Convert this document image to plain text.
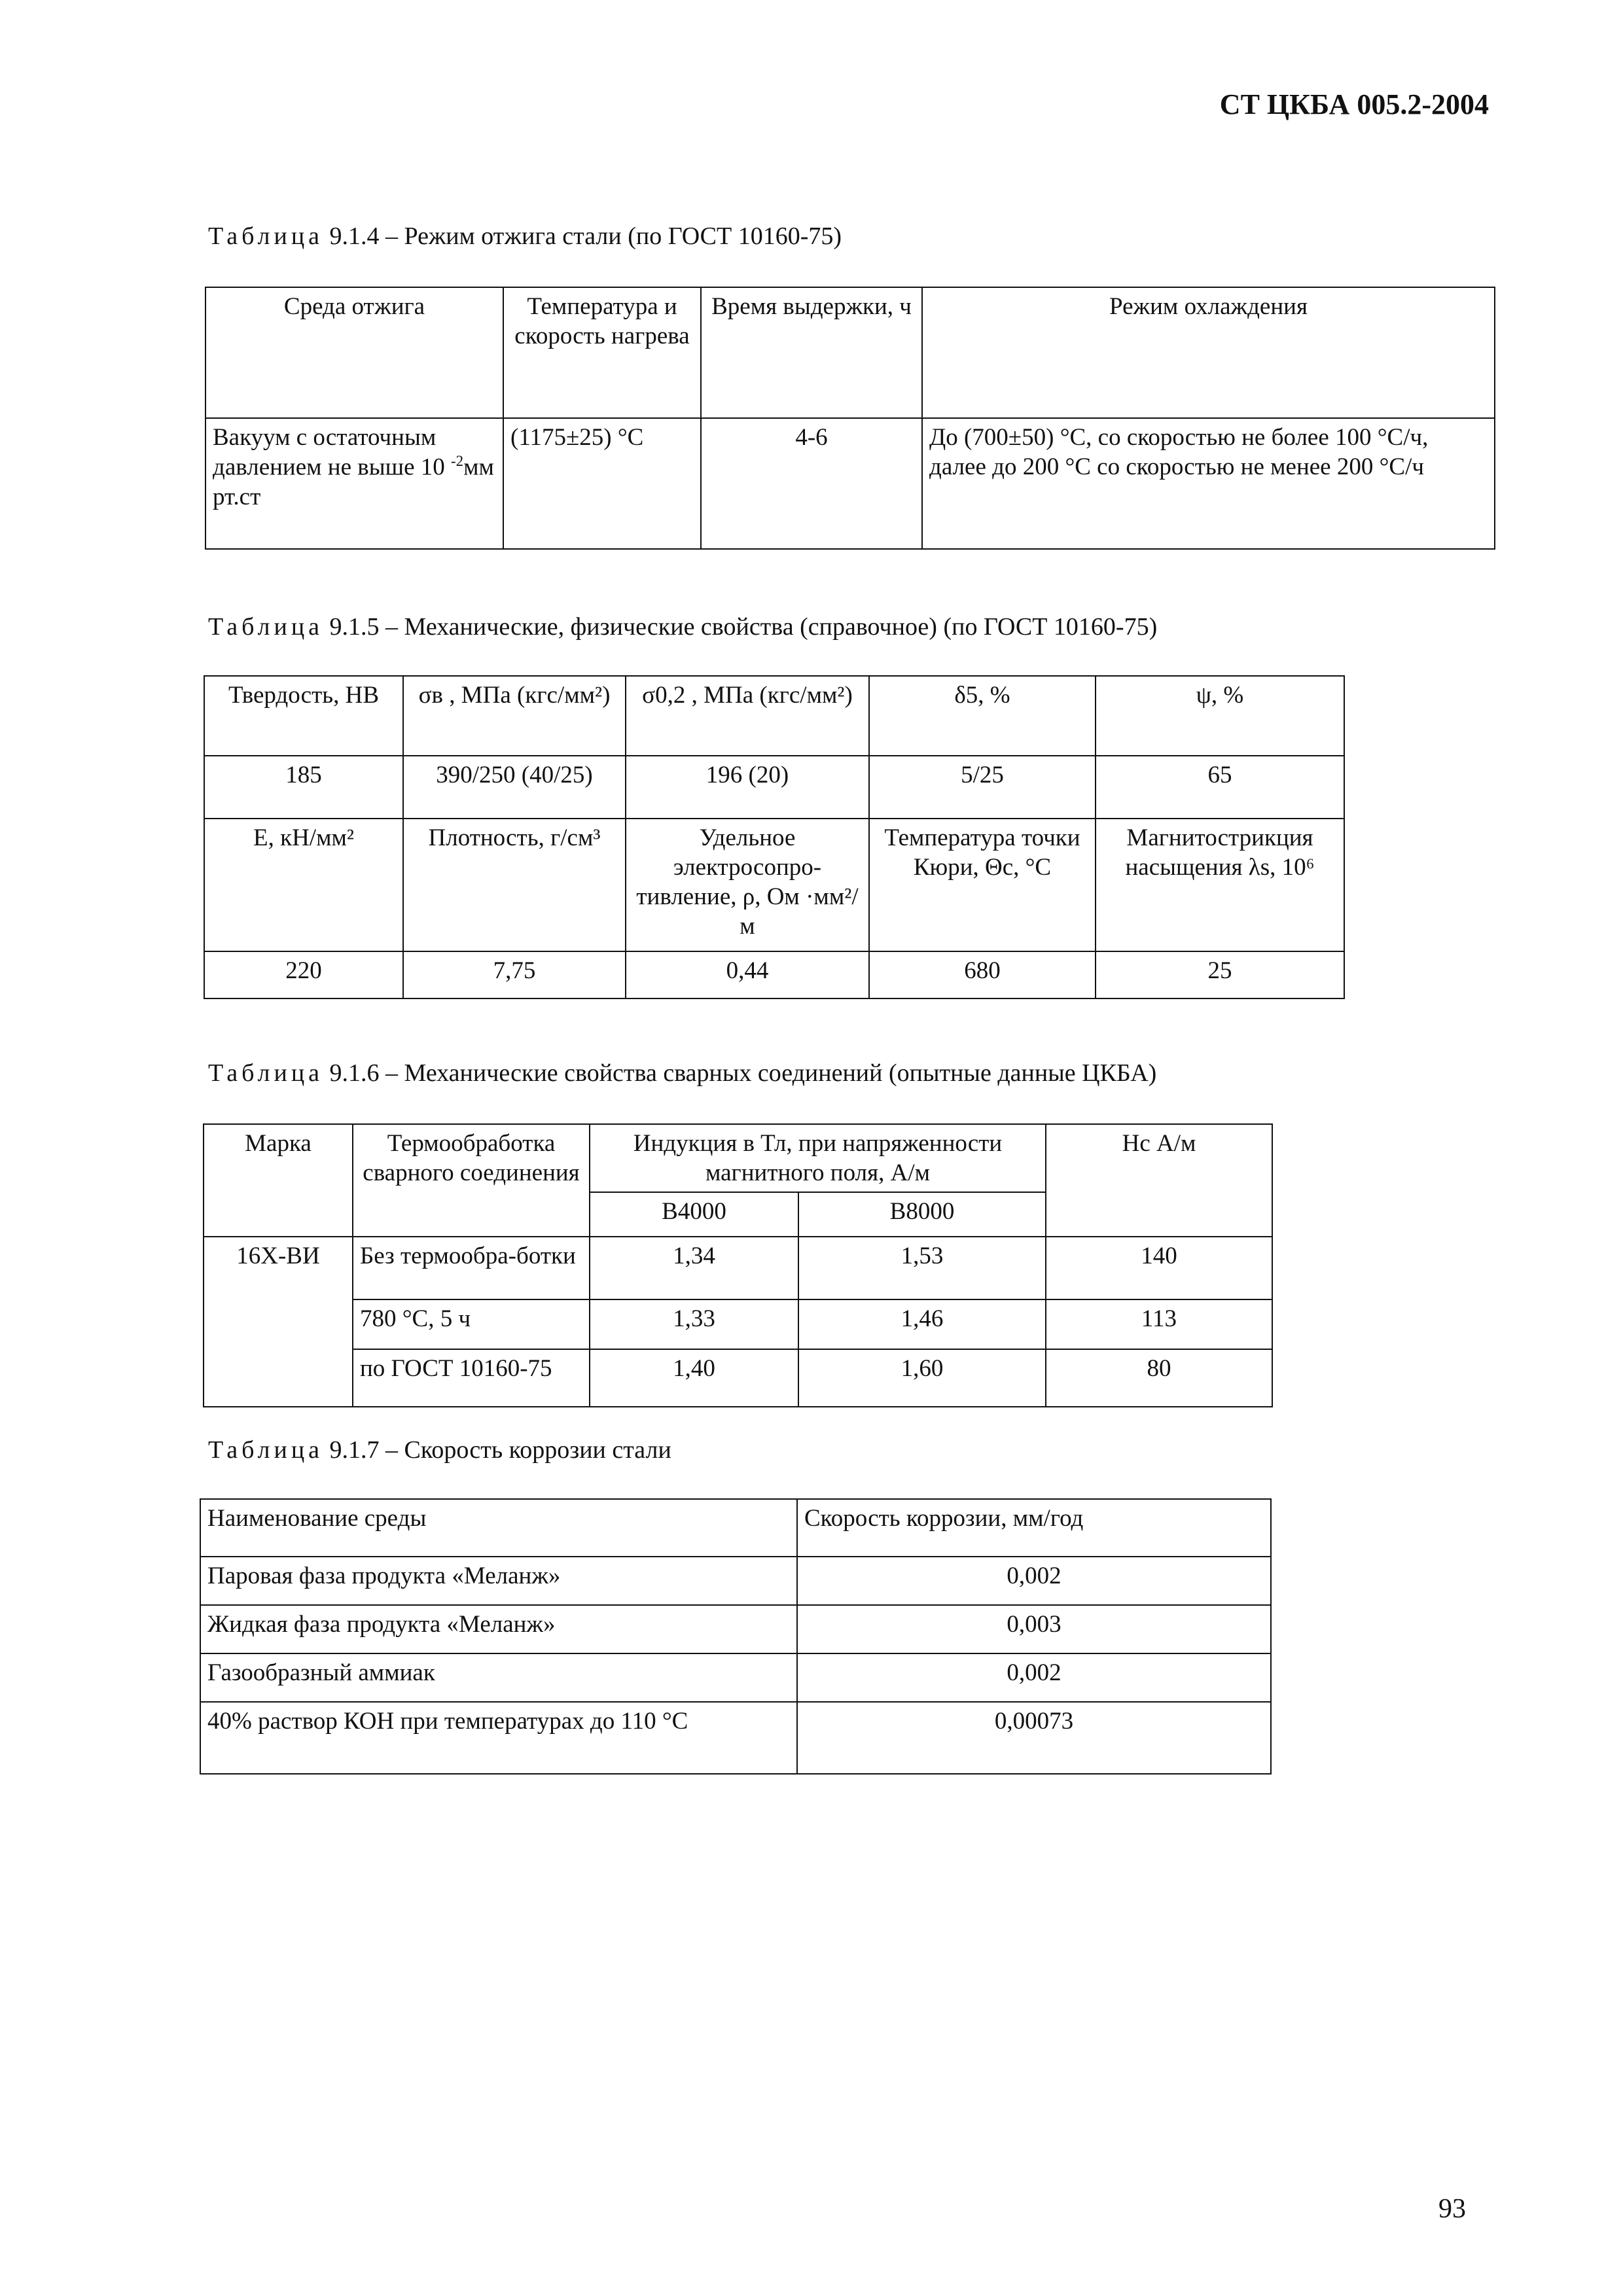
СТ ЦКБА 005.2-2004
Таблица 9.1.4 – Режим отжига стали (по ГОСТ 10160-75)
Среда отжига	Температура и скорость нагрева	Время выдержки, ч	Режим охлаждения
Вакуум с остаточным давлением не выше 10 $^{-2}$мм рт.ст	(1175±25) °С	4-6	До (700±50) °С, со скоростью не более 100 °С/ч, далее до 200 °С со скоростью не менее 200 °С/ч
Таблица 9.1.5 – Механические, физические свойства (справочное) (по ГОСТ 10160-75)
Твердость, НВ	σв , МПа (кгс/мм²)	σ0,2 , МПа (кгс/мм²)	δ5, %	ψ, %
185	390/250 (40/25)	196 (20)	5/25	65
Е, кН/мм²	Плотность, г/см³	Удельное электросопро-тивление, ρ, Ом ·мм²/м	Температура точки Кюри, Θс, °С	Магнитострикция насыщения λs, 10⁶
220	7,75	0,44	680	25
Таблица 9.1.6 – Механические свойства сварных соединений (опытные данные ЦКБА)
Марка	Термообработка сварного соединения	Индукция в Тл, при напряженности магнитного поля, А/м		Нс А/м
		B4000	B8000	
16Х-ВИ	Без термообра-ботки	1,34	1,53	140
	780 °С, 5 ч	1,33	1,46	113
	по ГОСТ 10160-75	1,40	1,60	80
Таблица 9.1.7 – Скорость коррозии стали
Наименование среды	Скорость коррозии, мм/год
Паровая фаза продукта «Меланж»	0,002
Жидкая фаза продукта «Меланж»	0,003
Газообразный аммиак	0,002
40% раствор КОН при температурах до 110 °С	0,00073
93
